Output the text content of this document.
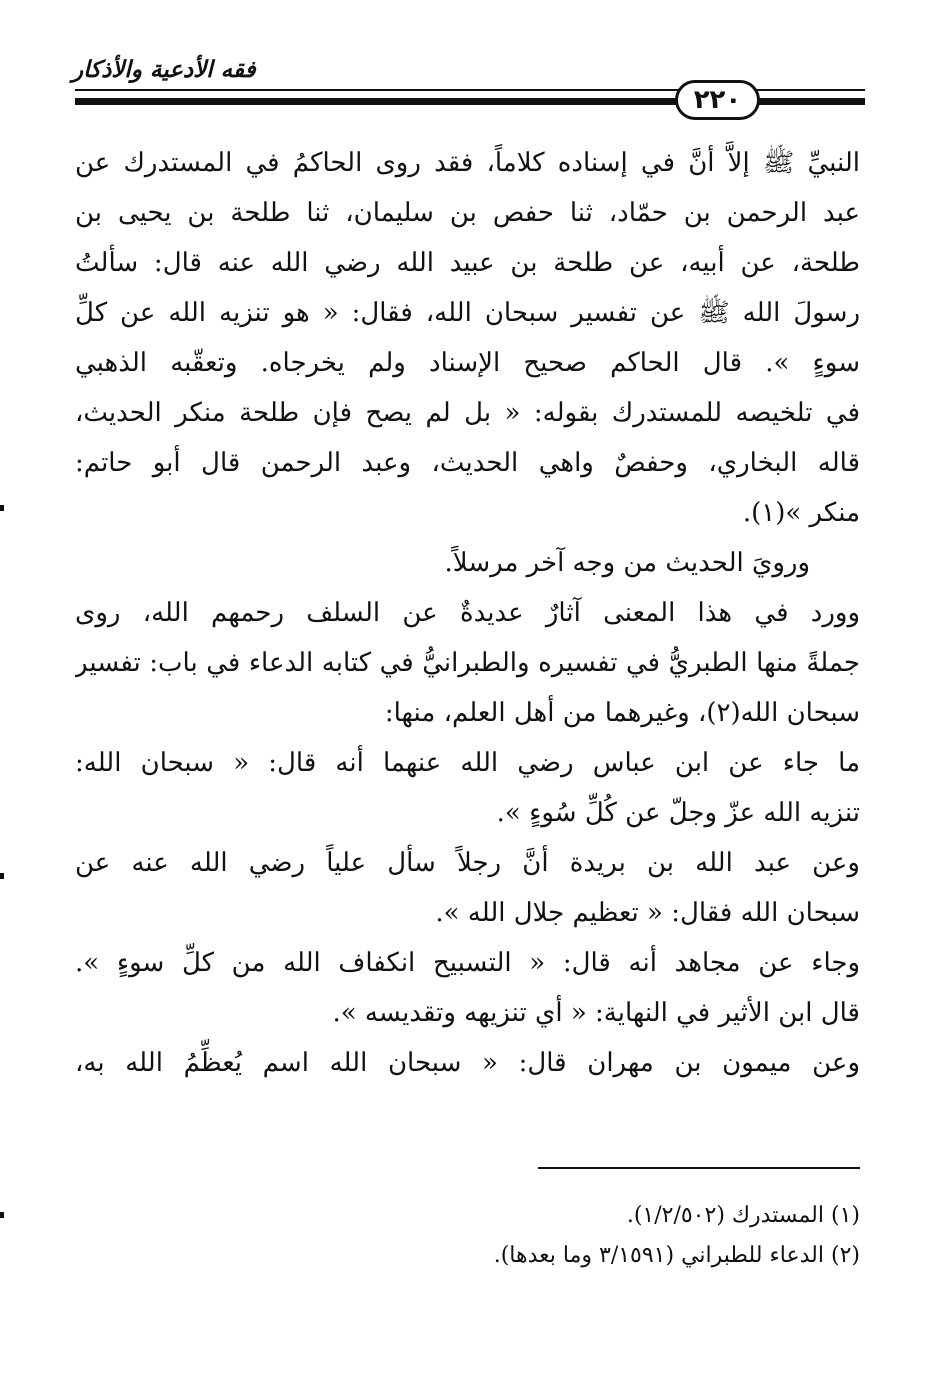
فقه الأدعية والأذكار
٢٢٠
النبيِّ ﷺ إلاَّ أنَّ في إسناده كلاماً، فقد روى الحاكمُ في المستدرك عن
عبد الرحمن بن حمّاد، ثنا حفص بن سليمان، ثنا طلحة بن يحيى بن
طلحة، عن أبيه، عن طلحة بن عبيد الله رضي الله عنه قال: سألتُ
رسولَ الله ﷺ عن تفسير سبحان الله، فقال: « هو تنزيه الله عن كلِّ
سوءٍ ». قال الحاكم صحيح الإسناد ولم يخرجاه. وتعقّبه الذهبي
في تلخيصه للمستدرك بقوله: « بل لم يصح فإن طلحة منكر الحديث،
قاله البخاري، وحفصٌ واهي الحديث، وعبد الرحمن قال أبو حاتم:
منكر »(١).
ورويَ الحديث من وجه آخر مرسلاً.
وورد في هذا المعنى آثارٌ عديدةٌ عن السلف رحمهم الله، روى
جملةً منها الطبريُّ في تفسيره والطبرانيُّ في كتابه الدعاء في باب: تفسير
سبحان الله(٢)، وغيرهما من أهل العلم، منها:
ما جاء عن ابن عباس رضي الله عنهما أنه قال: « سبحان الله:
تنزيه الله عزّ وجلّ عن كُلِّ سُوءٍ ».
وعن عبد الله بن بريدة أنَّ رجلاً سأل علياً رضي الله عنه عن
سبحان الله فقال: « تعظيم جلال الله ».
وجاء عن مجاهد أنه قال: « التسبيح انكفاف الله من كلِّ سوءٍ ».
قال ابن الأثير في النهاية: « أي تنزيهه وتقديسه ».
وعن ميمون بن مهران قال: « سبحان الله اسم يُعظِّمُ الله به،
(١) المستدرك (١/٢/٥٠٢).
(٢) الدعاء للطبراني (٣/١٥٩١ وما بعدها).
